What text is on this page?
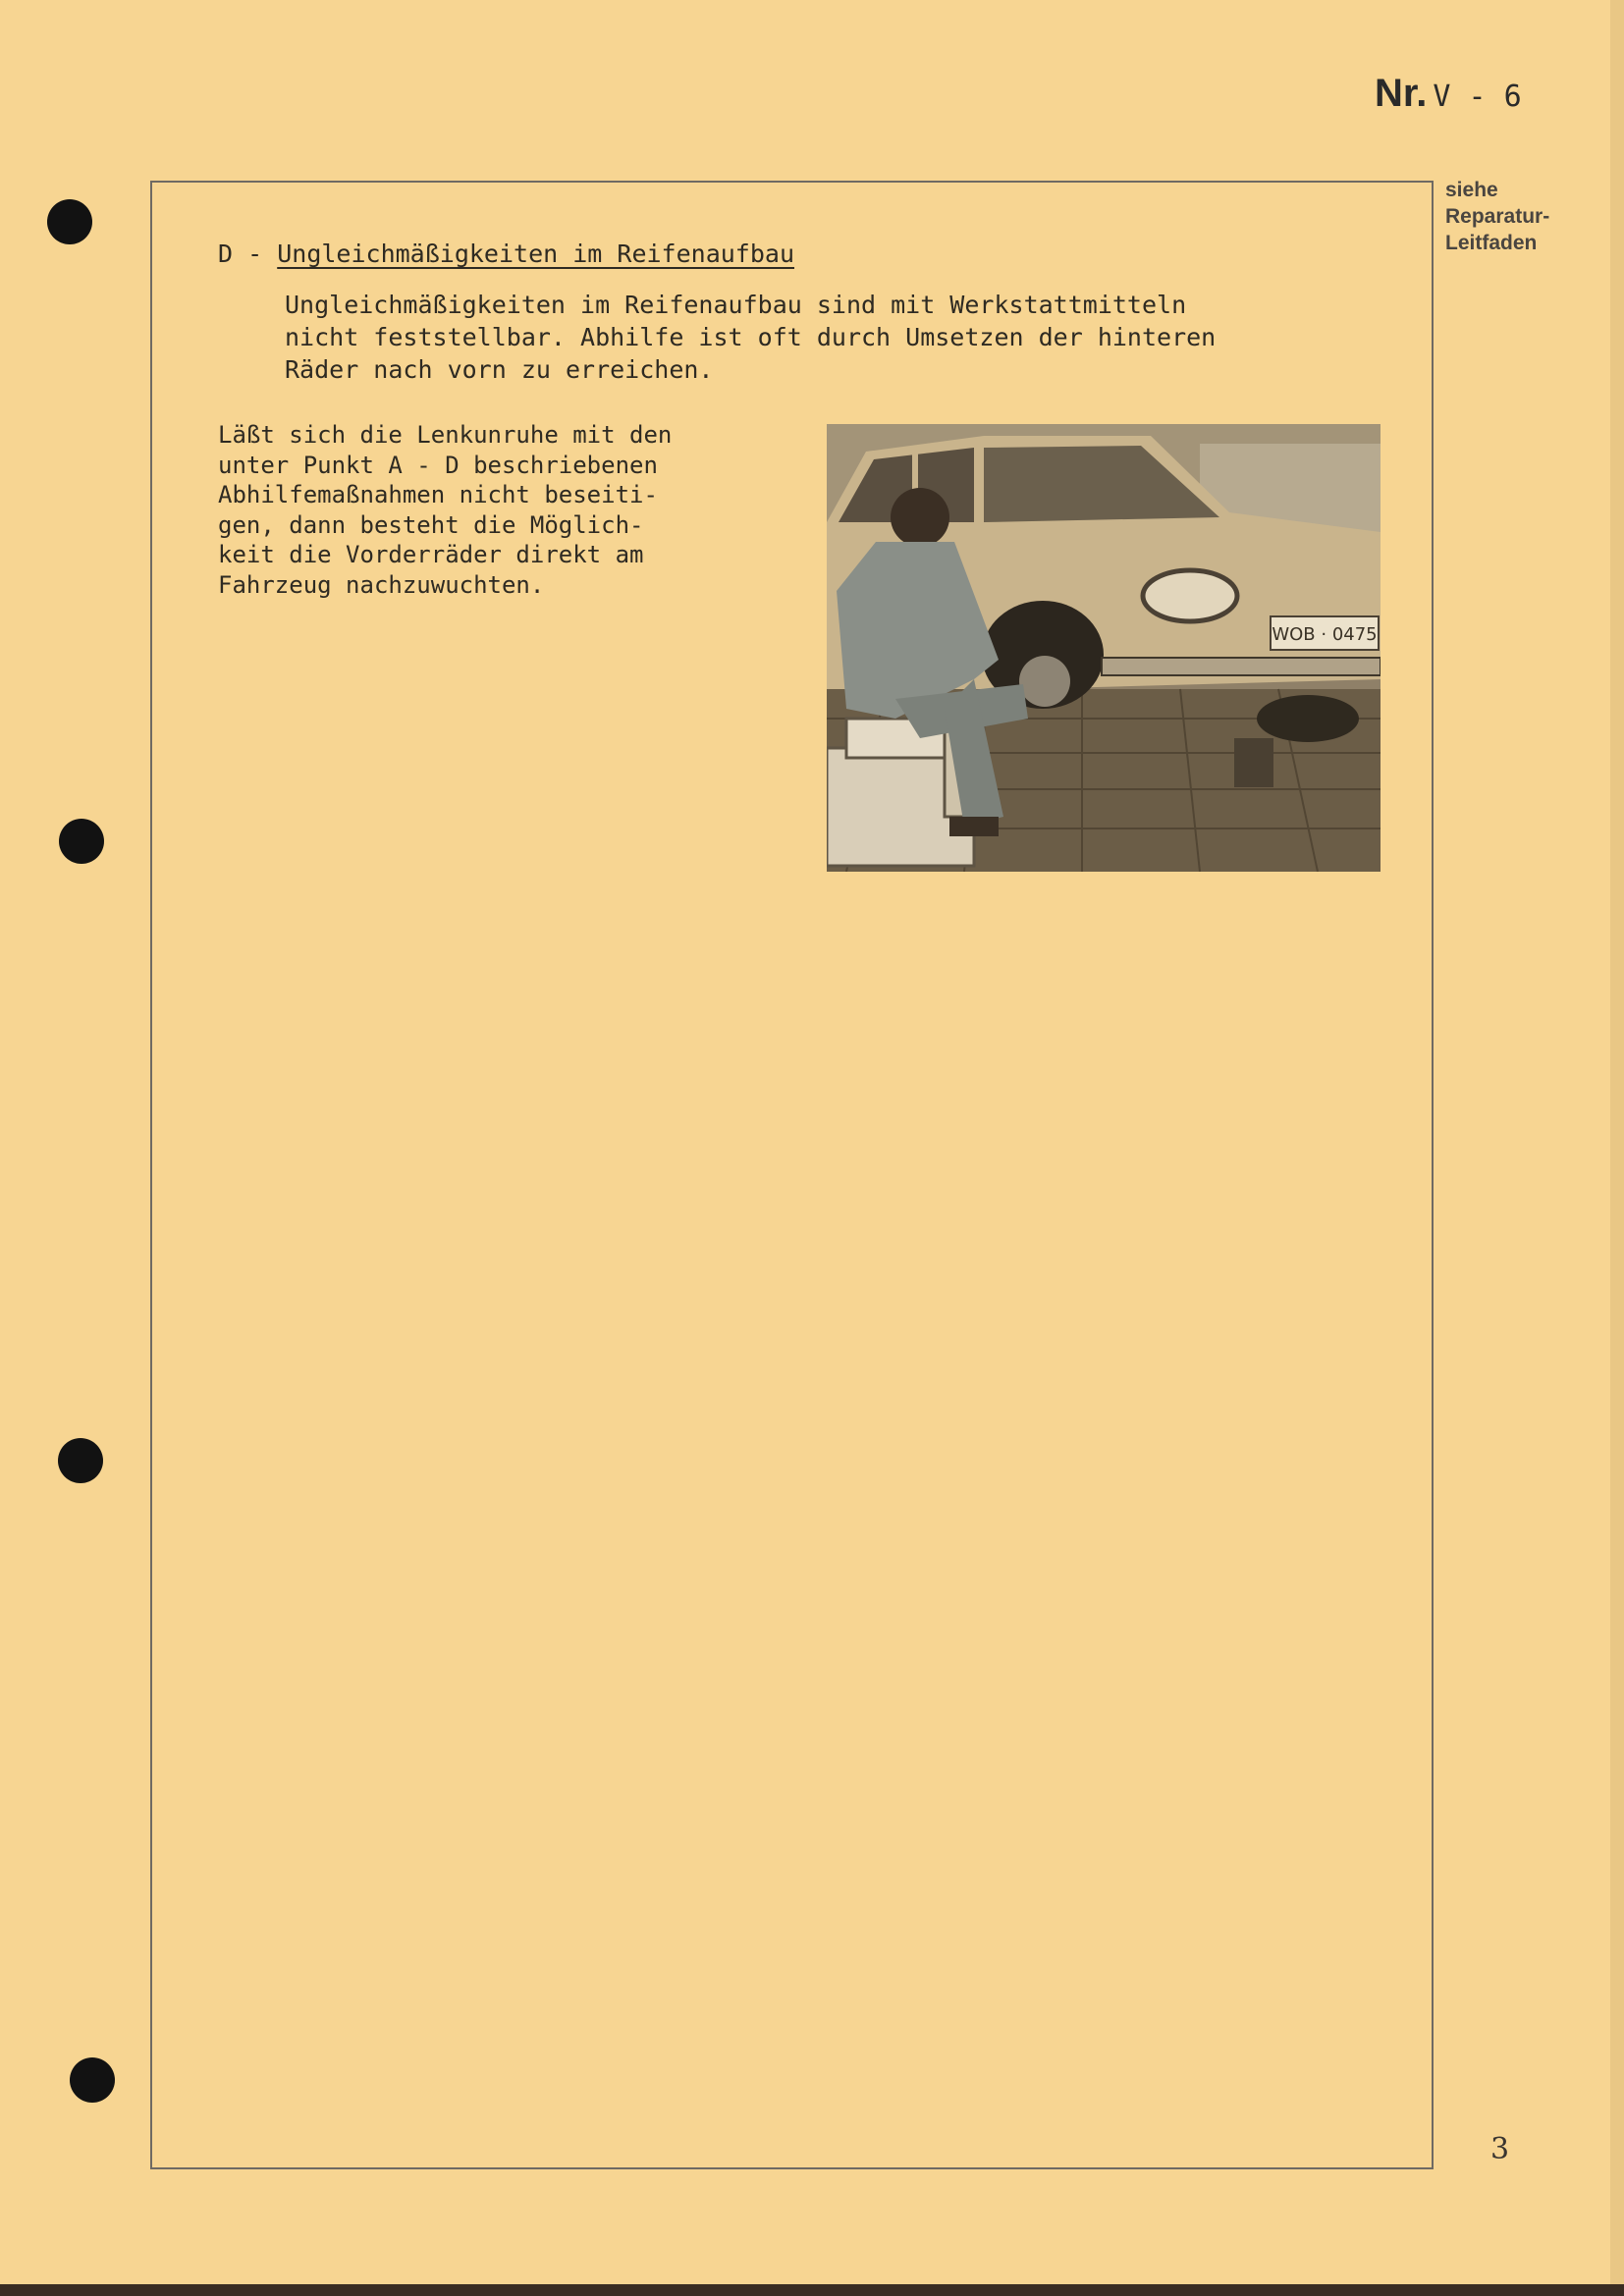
Nr. V - 6
siehe
Reparatur-
Leitfaden
D - Ungleichmäßigkeiten im Reifenaufbau
Ungleichmäßigkeiten im Reifenaufbau sind mit Werkstattmitteln
nicht feststellbar. Abhilfe ist oft durch Umsetzen der hinteren
Räder nach vorn zu erreichen.
Läßt sich die Lenkunruhe mit den
unter Punkt A - D beschriebenen
Abhilfemaßnahmen nicht beseiti-
gen, dann besteht die Möglich-
keit die Vorderräder direkt am
Fahrzeug nachzuwuchten.
WOB · 0475
3
